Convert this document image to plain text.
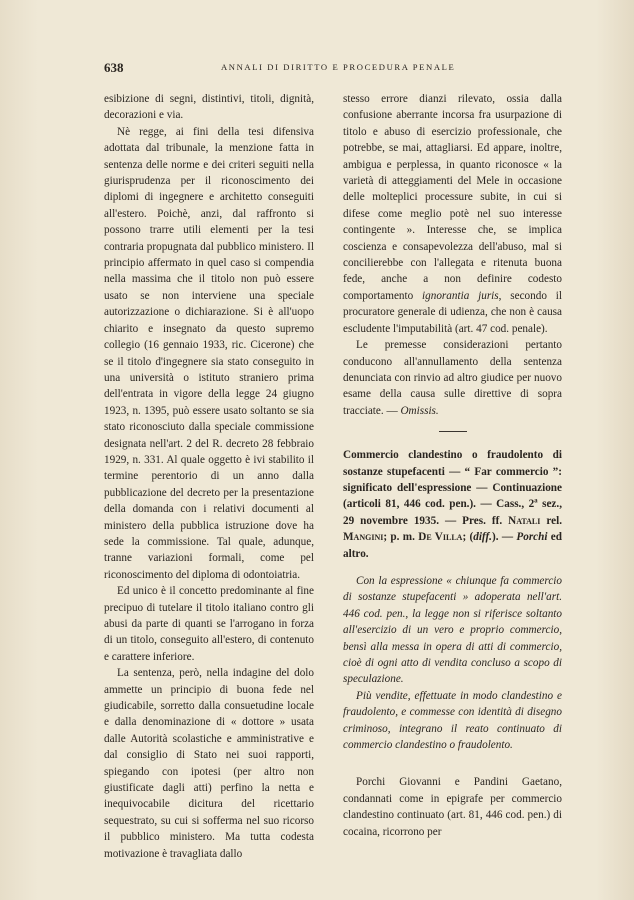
638	ANNALI DI DIRITTO E PROCEDURA PENALE

esibizione di segni, distintivi, titoli, dignità, decorazioni e via.

Nè regge, ai fini della tesi difensiva adottata dal tribunale, la menzione fatta in sentenza delle norme e dei criteri seguiti nella giurisprudenza per il riconoscimento dei diplomi di ingegnere e architetto conseguiti all'estero. Poichè, anzi, dal raffronto si possono trarre utili elementi per la tesi contraria propugnata dal pubblico ministero. Il principio affermato in quel caso si compendia nella massima che il titolo non può essere usato se non interviene una speciale autorizzazione o dichiarazione. Si è all'uopo chiarito e insegnato da questo supremo collegio (16 gennaio 1933, ric. Cicerone) che se il titolo d'ingegnere sia stato conseguito in una università o istituto straniero prima dell'entrata in vigore della legge 24 giugno 1923, n. 1395, può essere usato soltanto se sia stato riconosciuto dalla speciale commissione designata nell'art. 2 del R. decreto 28 febbraio 1929, n. 331. Al quale oggetto è ivi stabilito il termine perentorio di un anno dalla pubblicazione del decreto per la presentazione della domanda con i relativi documenti al ministero della pubblica istruzione dove ha sede la commissione. Tal quale, adunque, tranne variazioni formali, come pel riconoscimento del diploma di odontoiatria.

Ed unico è il concetto predominante al fine precipuo di tutelare il titolo italiano contro gli abusi da parte di quanti se l'arrogano in forza di un titolo, conseguito all'estero, di contenuto e carattere inferiore.

La sentenza, però, nella indagine del dolo ammette un principio di buona fede nel giudicabile, sorretto dalla consuetudine locale e dalla denominazione di « dottore » usata dalle Autorità scolastiche e amministrative e dal consiglio di Stato nei suoi rapporti, spiegando con ipotesi (per altro non giustificate dagli atti) perfino la netta e inequivocabile dicitura del ricettario sequestrato, su cui si sofferma nel suo ricorso il pubblico ministero. Ma tutta codesta motivazione è travagliata dallo

stesso errore dianzi rilevato, ossia dalla confusione aberrante incorsa fra usurpazione di titolo e abuso di esercizio professionale, che potrebbe, se mai, attagliarsi. Ed appare, inoltre, ambigua e perplessa, in quanto riconosce « la varietà di atteggiamenti del Mele in occasione delle molteplici processure subite, in cui si difese come meglio potè nel suo interesse contingente ». Interesse che, se implica coscienza e consapevolezza dell'abuso, mal si concilierebbe con l'allegata e ritenuta buona fede, anche a non definire codesto comportamento ignorantia juris, secondo il procuratore generale di udienza, che non è causa escludente l'imputabilità (art. 47 cod. penale).

Le premesse considerazioni pertanto conducono all'annullamento della sentenza denunciata con rinvio ad altro giudice per nuovo esame della causa sulle direttive di sopra tracciate. — Omissis.

Commercio clandestino o fraudolento di sostanze stupefacenti — “ Far commercio ”: significato dell'espressione — Continuazione (articoli 81, 446 cod. pen.). — Cass., 2ª sez., 29 novembre 1935. — Pres. ff. Natali rel. Mangini; p. m. De Villa; (diff.). — Porchi ed altro.

Con la espressione « chiunque fa commercio di sostanze stupefacenti » adoperata nell'art. 446 cod. pen., la legge non si riferisce soltanto all'esercizio di un vero e proprio commercio, bensì alla messa in opera di atti di commercio, cioè di ogni atto di vendita concluso a scopo di speculazione.

Più vendite, effettuate in modo clandestino e fraudolento, e commesse con identità di disegno criminoso, integrano il reato continuato di commercio clandestino o fraudolento.

Porchi Giovanni e Pandini Gaetano, condannati come in epigrafe per commercio clandestino continuato (art. 81, 446 cod. pen.) di cocaina, ricorrono per
